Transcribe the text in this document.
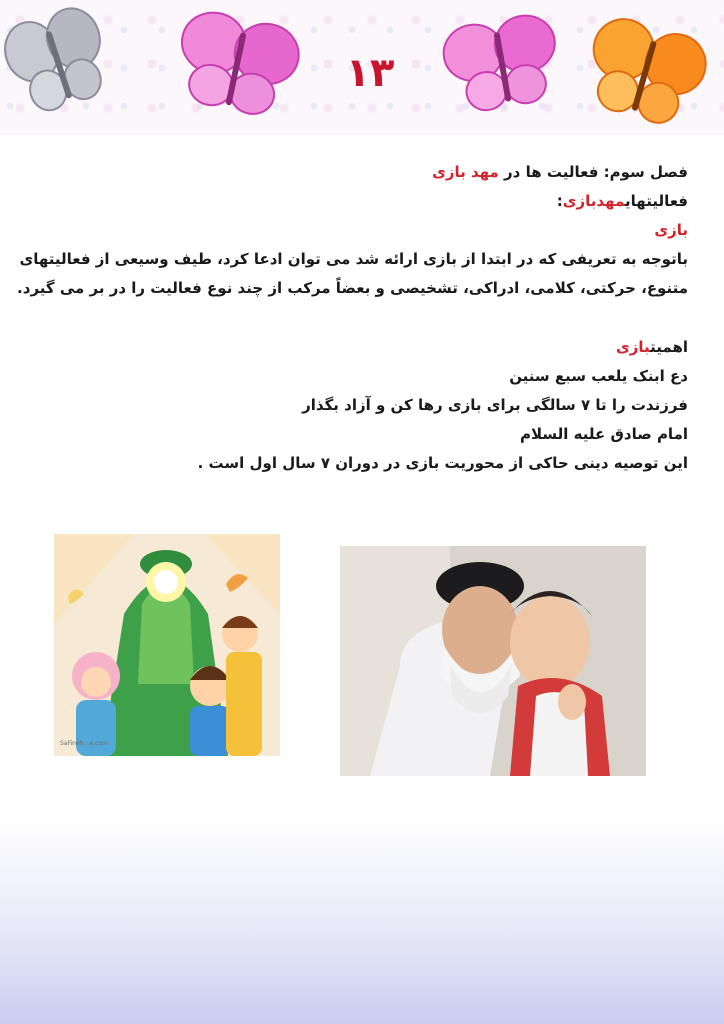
۱۳

فصل سوم: فعالیت ها در مهد بازی

فعالیتهایمهدبازی:

بازی

باتوجه به تعریفی که در ابتدا از بازی ارائه شد می توان ادعا کرد، طیف وسیعی از فعالیتهای

متنوع، حرکتی، کلامی، ادراکی، تشخیصی و بعضاً مرکب از چند نوع فعالیت را در بر می گیرد.

اهمیتبازی

دع ابنک یلعب سبع سنین

فرزندت را تا ۷ سالگی برای بازی رها کن و آزاد بگذار

امام صادق علیه السلام

این توصیه دینی حاکی از محوریت بازی در دوران ۷ سال اول است .

SaFineh…e.com
